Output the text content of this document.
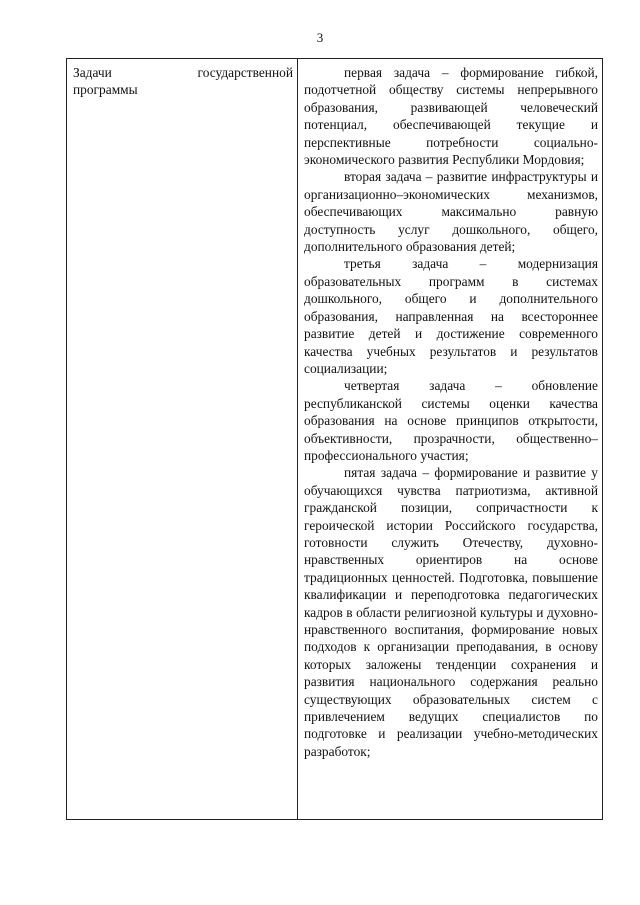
3
Задачи государственной
программы

первая задача – формирование гибкой, подотчетной обществу системы непрерывного образования, развивающей человеческий потенциал, обеспечивающей текущие и перспективные потребности социально-экономического развития Республики Мордовия;

вторая задача – развитие инфраструктуры и организационно–экономических механизмов, обеспечивающих максимально равную доступность услуг дошкольного, общего, дополнительного образования детей;

третья задача – модернизация образовательных программ в системах дошкольного, общего и дополнительного образования, направленная на всестороннее развитие детей и достижение современного качества учебных результатов и результатов социализации;

четвертая задача – обновление республиканской системы оценки качества образования на основе принципов открытости, объективности, прозрачности, общественно–профессионального участия;

пятая задача – формирование и развитие у обучающихся чувства патриотизма, активной гражданской позиции, сопричастности к героической истории Российского государства, готовности служить Отечеству, духовно-нравственных ориентиров на основе традиционных ценностей. Подготовка, повышение квалификации и переподготовка педагогических кадров в области религиозной культуры и духовно-нравственного воспитания, формирование новых подходов к организации преподавания, в основу которых заложены тенденции сохранения и развития национального содержания реально существующих образовательных систем с привлечением ведущих специалистов по подготовке и реализации учебно-методических разработок;
